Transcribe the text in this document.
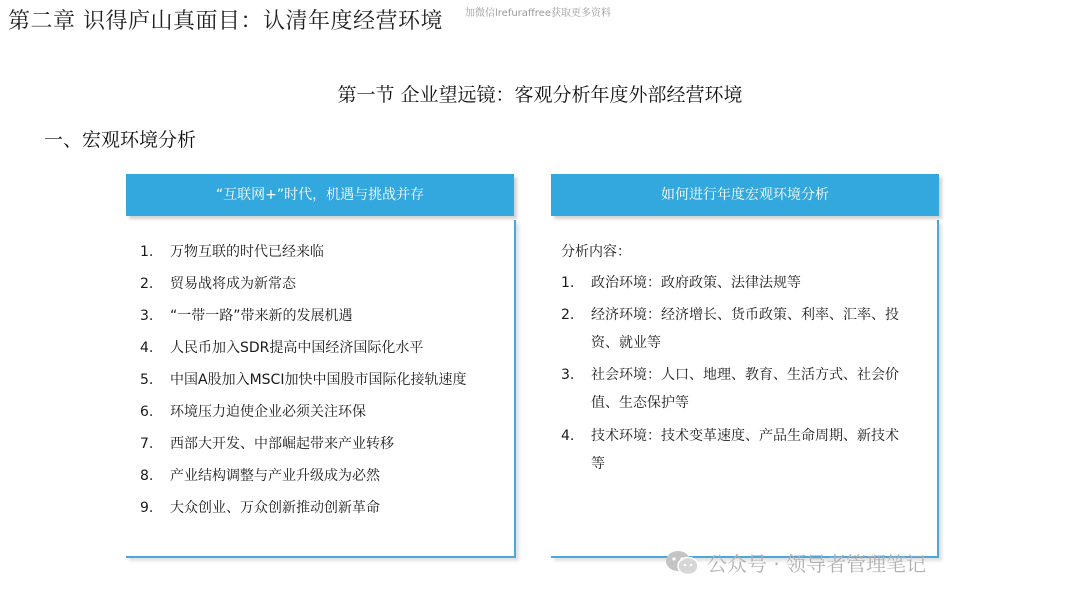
第二章 识得庐山真面目：认清年度经营环境 加微信lrefuraffree获取更多资料
第一节 企业望远镜：客观分析年度外部经营环境
一、宏观环境分析
“互联网+”时代，机遇与挑战并存
1. 万物互联的时代已经来临
2. 贸易战将成为新常态
3. “一带一路”带来新的发展机遇
4. 人民币加入SDR提高中国经济国际化水平
5. 中国A股加入MSCI加快中国股市国际化接轨速度
6. 环境压力迫使企业必须关注环保
7. 西部大开发、中部崛起带来产业转移
8. 产业结构调整与产业升级成为必然
9. 大众创业、万众创新推动创新革命
如何进行年度宏观环境分析
分析内容：
1. 政治环境：政府政策、法律法规等
2. 经济环境：经济增长、货币政策、利率、汇率、投资、就业等
3. 社会环境：人口、地理、教育、生活方式、社会价值、生态保护等
4. 技术环境：技术变革速度、产品生命周期、新技术等
公众号 · 领导者管理笔记
